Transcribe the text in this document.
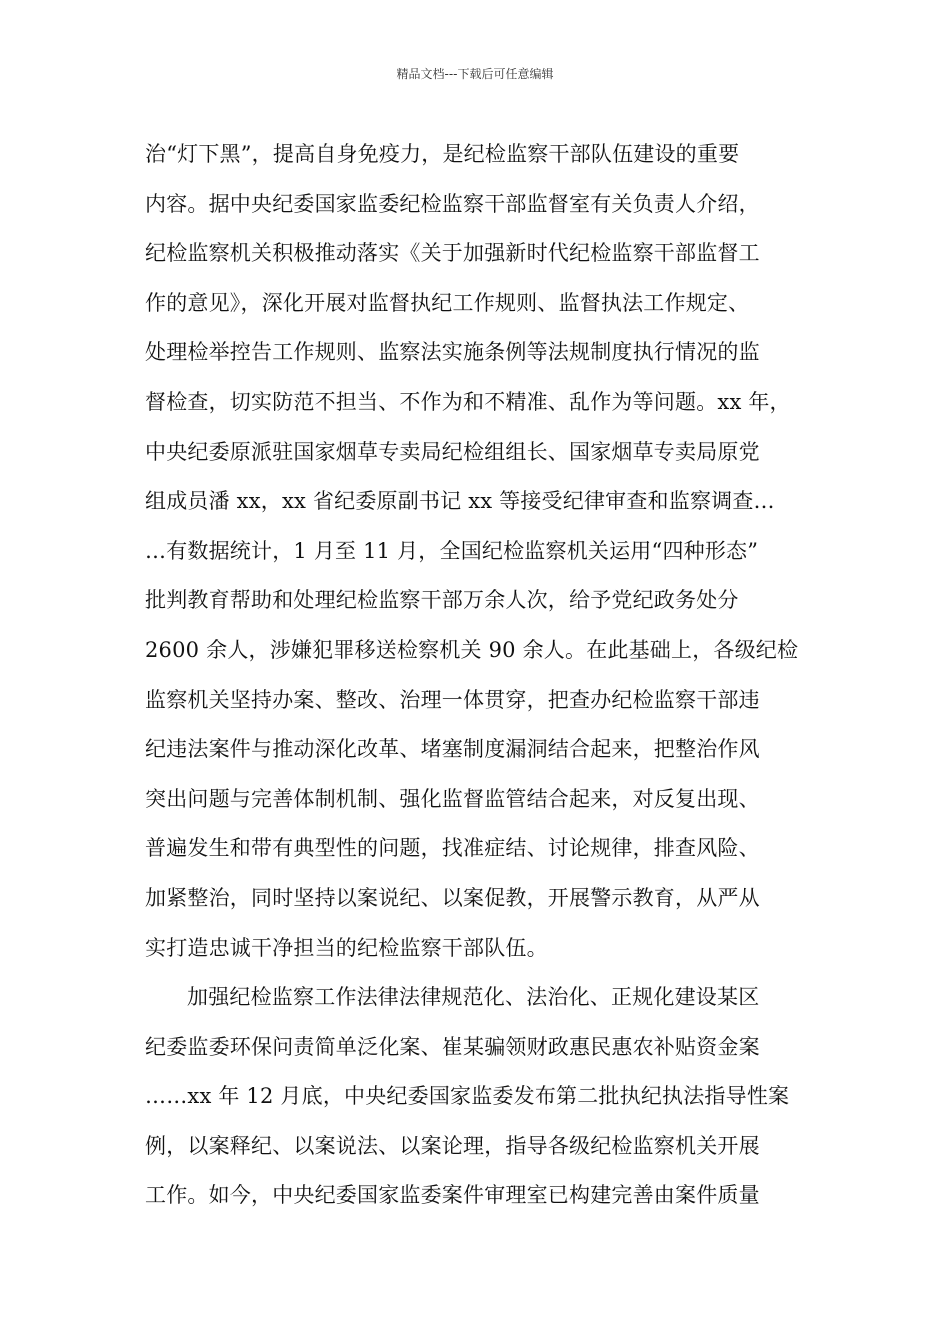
精品文档---下载后可任意编辑
治“灯下黑”，提高自身免疫力，是纪检监察干部队伍建设的重要
内容。据中央纪委国家监委纪检监察干部监督室有关负责人介绍，
纪检监察机关积极推动落实《关于加强新时代纪检监察干部监督工
作的意见》，深化开展对监督执纪工作规则、监督执法工作规定、
处理检举控告工作规则、监察法实施条例等法规制度执行情况的监
督检查，切实防范不担当、不作为和不精准、乱作为等问题。xx 年，
中央纪委原派驻国家烟草专卖局纪检组组长、国家烟草专卖局原党
组成员潘 xx，xx 省纪委原副书记 xx 等接受纪律审查和监察调查…
…有数据统计，1 月至 11 月，全国纪检监察机关运用“四种形态”
批判教育帮助和处理纪检监察干部万余人次，给予党纪政务处分
2600 余人，涉嫌犯罪移送检察机关 90 余人。在此基础上，各级纪检
监察机关坚持办案、整改、治理一体贯穿，把查办纪检监察干部违
纪违法案件与推动深化改革、堵塞制度漏洞结合起来，把整治作风
突出问题与完善体制机制、强化监督监管结合起来，对反复出现、
普遍发生和带有典型性的问题，找准症结、讨论规律，排查风险、
加紧整治，同时坚持以案说纪、以案促教，开展警示教育，从严从
实打造忠诚干净担当的纪检监察干部队伍。
加强纪检监察工作法律法律规范化、法治化、正规化建设某区
纪委监委环保问责简单泛化案、崔某骗领财政惠民惠农补贴资金案
……xx 年 12 月底，中央纪委国家监委发布第二批执纪执法指导性案
例，以案释纪、以案说法、以案论理，指导各级纪检监察机关开展
工作。如今，中央纪委国家监委案件审理室已构建完善由案件质量
